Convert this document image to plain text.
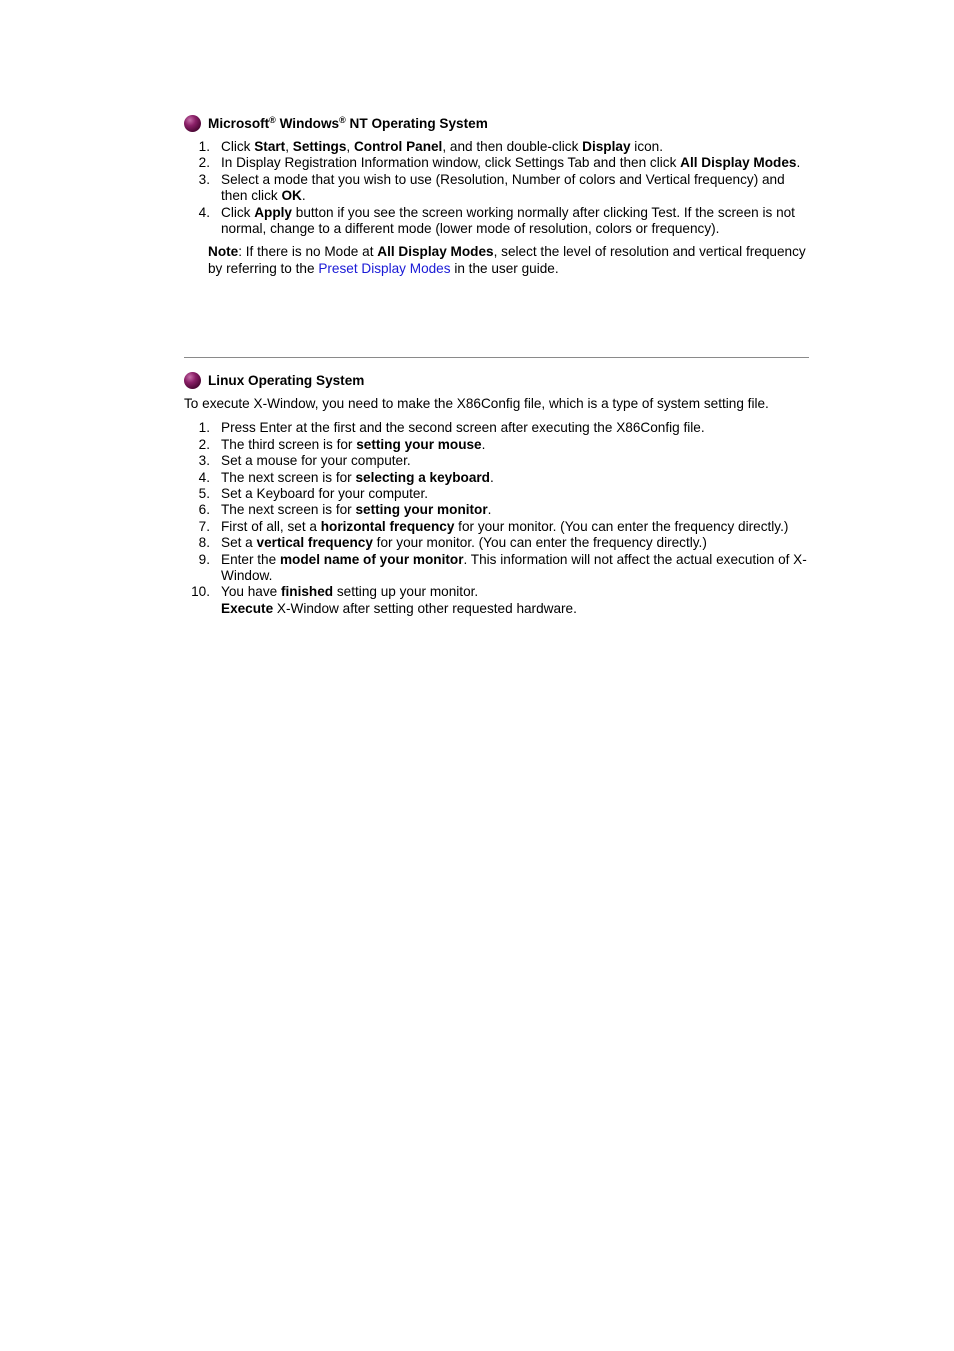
Microsoft® Windows® NT Operating System
1. Click Start, Settings, Control Panel, and then double-click Display icon.
2. In Display Registration Information window, click Settings Tab and then click All Display Modes.
3. Select a mode that you wish to use (Resolution, Number of colors and Vertical frequency) and then click OK.
4. Click Apply button if you see the screen working normally after clicking Test. If the screen is not normal, change to a different mode (lower mode of resolution, colors or frequency).
Note: If there is no Mode at All Display Modes, select the level of resolution and vertical frequency by referring to the Preset Display Modes in the user guide.
Linux Operating System
To execute X-Window, you need to make the X86Config file, which is a type of system setting file.
1. Press Enter at the first and the second screen after executing the X86Config file.
2. The third screen is for setting your mouse.
3. Set a mouse for your computer.
4. The next screen is for selecting a keyboard.
5. Set a Keyboard for your computer.
6. The next screen is for setting your monitor.
7. First of all, set a horizontal frequency for your monitor. (You can enter the frequency directly.)
8. Set a vertical frequency for your monitor. (You can enter the frequency directly.)
9. Enter the model name of your monitor. This information will not affect the actual execution of X-Window.
10. You have finished setting up your monitor.
Execute X-Window after setting other requested hardware.
